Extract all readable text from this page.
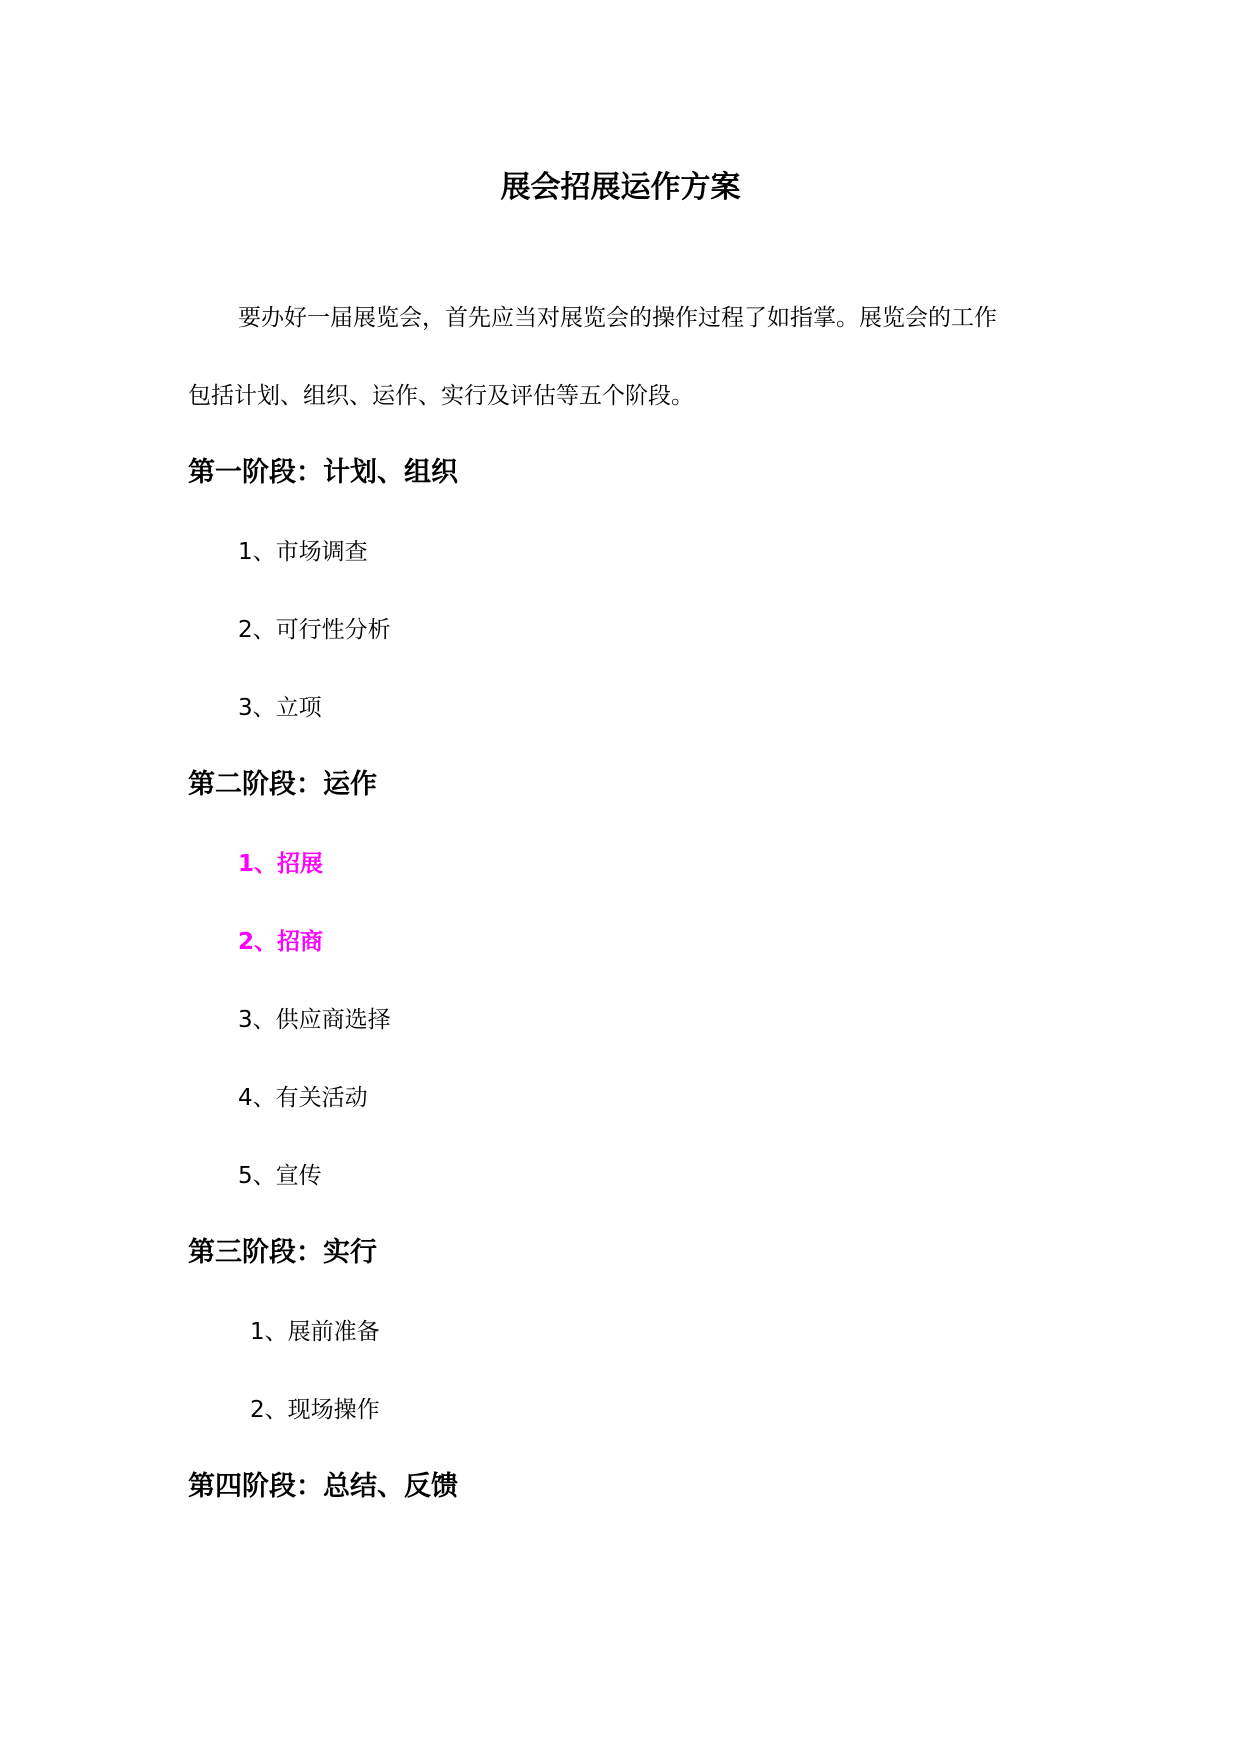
展会招展运作方案

要办好一届展览会，首先应当对展览会的操作过程了如指掌。展览会的工作
包括计划、组织、运作、实行及评估等五个阶段。

第一阶段：计划、组织

1、市场调查

2、可行性分析

3、立项

第二阶段：运作

1、招展

2、招商

3、供应商选择

4、有关活动

5、宣传

第三阶段：实行

1、展前准备

2、现场操作

第四阶段：总结、反馈
